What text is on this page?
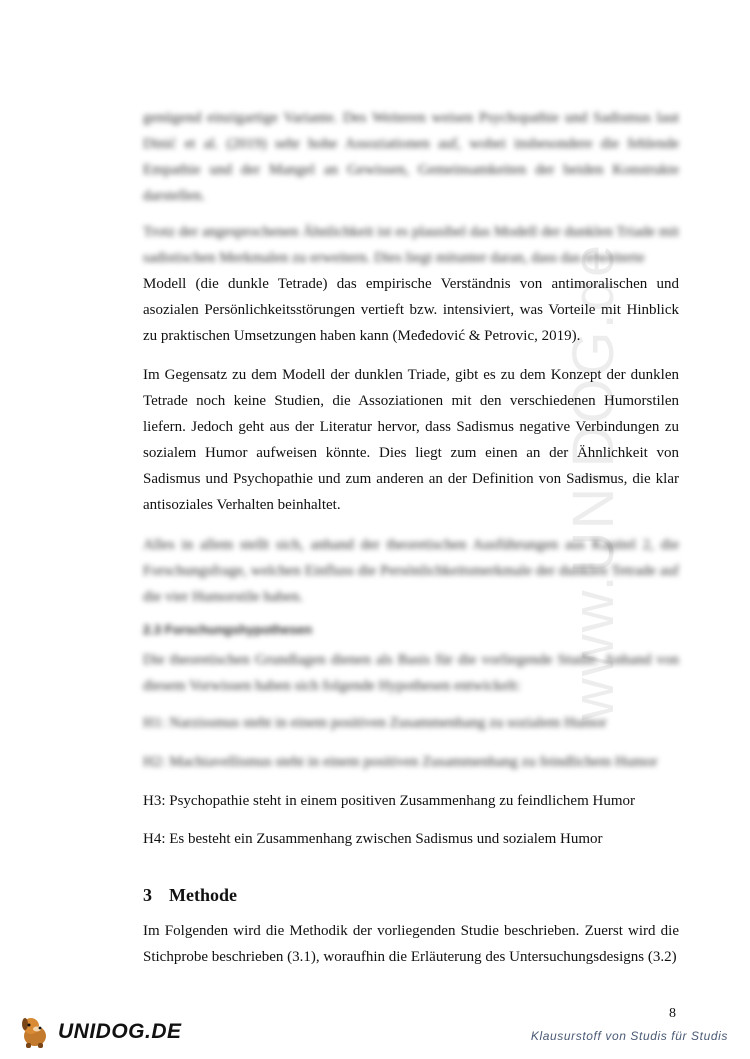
www.UNIDOG.de

genügend einzigartige Variante. Des Weiteren weisen Psychopathie und Sadismus laut Dinić et al. (2019) sehr hohe Assoziationen auf, wobei insbesondere die fehlende Empathie und der Mangel an Gewissen, Gemeinsamkeiten der beiden Konstrukte darstellen.

Trotz der angesprochenen Ähnlichkeit ist es plausibel das Modell der dunklen Triade mit sadistischen Merkmalen zu erweitern. Dies liegt mitunter daran, dass das erweiterte

Modell (die dunkle Tetrade) das empirische Verständnis von antimoralischen und asozialen Persönlichkeitsstörungen vertieft bzw. intensiviert, was Vorteile mit Hinblick zu praktischen Umsetzungen haben kann (Međedović & Petrovic, 2019).

Im Gegensatz zu dem Modell der dunklen Triade, gibt es zu dem Konzept der dunklen Tetrade noch keine Studien, die Assoziationen mit den verschiedenen Humorstilen liefern. Jedoch geht aus der Literatur hervor, dass Sadismus negative Verbindungen zu sozialem Humor aufweisen könnte. Dies liegt zum einen an der Ähnlichkeit von Sadismus und Psychopathie und zum anderen an der Definition von Sadismus, die klar antisoziales Verhalten beinhaltet.

Alles in allem stellt sich, anhand der theoretischen Ausführungen aus Kapitel 2, die Forschungsfrage, welchen Einfluss die Persönlichkeitsmerkmale der dunklen Tetrade auf die vier Humorstile haben.

2.3 Forschungshypothesen

Die theoretischen Grundlagen dienen als Basis für die vorliegende Studie. Anhand von diesem Vorwissen haben sich folgende Hypothesen entwickelt:

H1: Narzissmus steht in einem positiven Zusammenhang zu sozialem Humor

H2: Machiavellismus steht in einem positiven Zusammenhang zu feindlichem Humor

H3: Psychopathie steht in einem positiven Zusammenhang zu feindlichem Humor

H4: Es besteht ein Zusammenhang zwischen Sadismus und sozialem Humor

3 Methode

Im Folgenden wird die Methodik der vorliegenden Studie beschrieben. Zuerst wird die Stichprobe beschrieben (3.1), woraufhin die Erläuterung des Untersuchungsdesigns (3.2)

8
UNIDOG.DE	Klausurstoff von Studis für Studis
